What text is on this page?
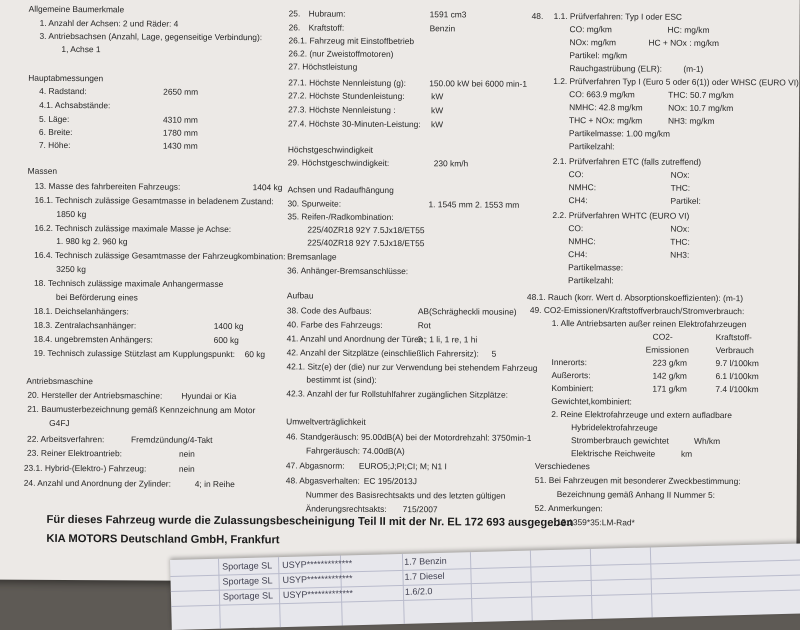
Allgemeine Baumerkmale
1. Anzahl der Achsen: 2 und Räder: 4
3. Antriebsachsen (Anzahl, Lage, gegenseitige Verbindung):
1, Achse 1
Hauptabmessungen
4. Radstand:	2650 mm
4.1. Achsabstände:
5. Läge:	4310 mm
6. Breite:	1780 mm
7. Höhe:	1430 mm
Massen
13. Masse des fahrbereiten Fahrzeugs:	1404 kg
16.1. Technisch zulässige Gesamtmasse in beladenem Zustand:
1850 kg
16.2. Technisch zulässige maximale Masse je Achse:
1. 980 kg 2. 960 kg
16.4. Technisch zulässige Gesamtmasse der Fahrzeugkombination:
3250 kg
18. Technisch zulässige maximale Anhangermasse
bei Beförderung eines
18.1. Deichselanhängers:
18.3. Zentralachsanhänger:	1400 kg
18.4. ungebremsten Anhängers:	600 kg
19. Technisch zulassige Stützlast am Kupplungspunkt: 60 kg
Antriebsmaschine
20. Hersteller der Antriebsmaschine: Hyundai or Kia
21. Baumusterbezeichnung gemäß Kennzeichnung am Motor
G4FJ
22. Arbeitsverfahren:	Fremdzündung/4-Takt
23. Reiner Elektroantrieb:	nein
23.1. Hybrid-(Elektro-) Fahrzeug:	nein
24. Anzahl und Anordnung der Zylinder:	4; in Reihe
25. Hubraum:	1591 cm3
26. Kraftstoff:	Benzin
26.1. Fahrzeug mit Einstoffbetrieb
26.2. (nur Zweistoffmotoren)
27. Höchstleistung
27.1. Höchste Nennleistung (g):	150.00 kW bei 6000 min-1
27.2. Höchste Stundenleistung:	kW
27.3. Höchste Nennleistung :	kW
27.4. Höchste 30-Minuten-Leistung: kW
Höchstgeschwindigkeit
29. Höchstgeschwindigkeit:	230 km/h
Achsen und Radaufhängung
30. Spurweite:	1. 1545 mm 2. 1553 mm
35. Reifen-/Radkombination:
225/40ZR18 92Y 7.5Jx18/ET55
225/40ZR18 92Y 7.5Jx18/ET55
Bremsanlage
36. Anhänger-Bremsanschlüsse:
Aufbau
38. Code des Aufbaus:	AB(Schrägheckli mousine)
40. Farbe des Fahrzeugs:	Rot
41. Anzahl und Anordnung der Türen:
3 ; 1 li, 1 re, 1 hi
42. Anzahl der Sitzplätze (einschließlich Fahrersitz): 5
42.1. Sitz(e) der (die) nur zur Verwendung bei stehendem Fahrzeug
bestimmt ist (sind):
42.3. Anzahl der fur Rollstuhlfahrer zugänglichen Sitzplätze:
Umweltverträglichkeit
46. Standgeräusch: 95.00dB(A) bei der Motordrehzahl: 3750min-1
Fahrgeräusch: 74.00dB(A)
47. Abgasnorm: EURO5;J;PI;CI; M; N1 I
48. Abgasverhalten: EC 195/2013J
Nummer des Basisrechtsakts und des letzten gültigen
Änderungsrechtsakts: 715/2007
48. 1.1. Prüfverfahren: Typ I oder ESC
CO: mg/km	HC: mg/km
NOx: mg/km	HC + NOx : mg/km
Partikel: mg/km
Rauchgastrübung (ELR):	(m-1)
1.2. Prüfverfahren Typ I (Euro 5 oder 6(1)) oder WHSC (EURO VI)
CO: 663.9 mg/km	THC: 50.7 mg/km
NMHC: 42.8 mg/km	NOx: 10.7 mg/km
THC + NOx: mg/km	NH3: mg/km
Partikelmasse: 1.00 mg/km
Partikelzahl:
2.1. Prüfverfahren ETC (falls zutreffend)
CO:	NOx:
NMHC:	THC:
CH4:	Partikel:
2.2. Prüfverfahren WHTC (EURO VI)
CO:	NOx:
NMHC:	THC:
CH4:	NH3:
Partikelmasse:
Partikelzahl:
48.1. Rauch (korr. Wert d. Absorptionskoeffizienten): (m-1)
49. CO2-Emissionen/Kraftstoffverbrauch/Stromverbrauch:
1. Alle Antriebsarten außer reinen Elektrofahrzeugen
CO2-	Kraftstoff-
Emissionen	Verbrauch
Innerorts:	223 g/km	9.7 l/100km
Außerorts:	142 g/km	6.1 l/100km
Kombiniert:	171 g/km	7.4 l/100km
Gewichtet,kombiniert:
2. Reine Elektrofahrzeuge und extern aufladbare
Hybridelektrofahrzeuge
Stromberbrauch gewichtet	Wh/km
Elektrische Reichweite	km
Verschiedenes
51. Bei Fahrzeugen mit besonderer Zweckbestimmung:
Bezeichnung gemäß Anhang II Nummer 5:
52. Anmerkungen:
13:1359*35:LM-Rad*
Für dieses Fahrzeug wurde die Zulassungsbescheinigung Teil II mit der Nr. EL 172 693 ausgegeben
KIA MOTORS Deutschland GmbH, Frankfurt
Sportage SL USYP*************	1.7 Benzin
Sportage SL USYP*************	1.7 Diesel
Sportage SL USYP*************	1.6/2.0
